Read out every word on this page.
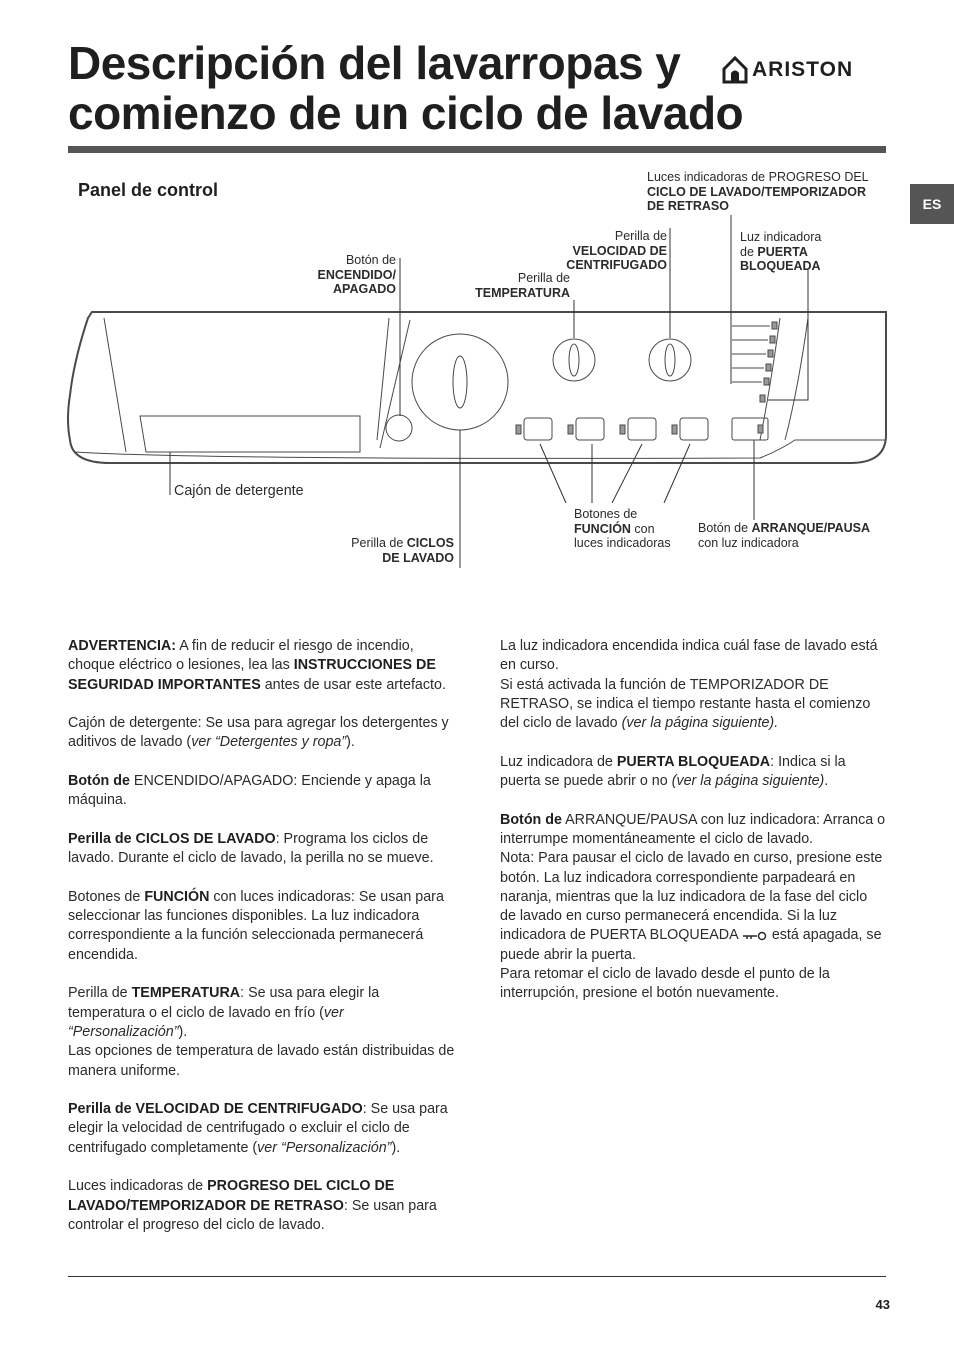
Descripción del lavarropas y
comienzo de un ciclo de lavado
ARISTON
ES
Panel de control
Luces indicadoras de PROGRESO DEL
CICLO DE LAVADO/TEMPORIZADOR
DE RETRASO
Luz indicadora
de PUERTA
BLOQUEADA
Perilla de
VELOCIDAD DE
CENTRIFUGADO
Perilla de
TEMPERATURA
Botón de
ENCENDIDO/
APAGADO
Cajón de detergente
Perilla de CICLOS
DE LAVADO
Botones de
FUNCIÓN con
luces indicadoras
Botón de ARRANQUE/PAUSA
con luz indicadora

ADVERTENCIA: A fin de reducir el riesgo de incendio, choque eléctrico o lesiones, lea las INSTRUCCIONES DE SEGURIDAD IMPORTANTES antes de usar este artefacto.

Cajón de detergente: Se usa para agregar los detergentes y aditivos de lavado (ver “Detergentes y ropa”).

Botón de ENCENDIDO/APAGADO: Enciende y apaga la máquina.

Perilla de CICLOS DE LAVADO: Programa los ciclos de lavado. Durante el ciclo de lavado, la perilla no se mueve.

Botones de FUNCIÓN con luces indicadoras: Se usan para seleccionar las funciones disponibles. La luz indicadora correspondiente a la función seleccionada permanecerá encendida.

Perilla de TEMPERATURA: Se usa para elegir la temperatura o el ciclo de lavado en frío (ver “Personalización”).
Las opciones de temperatura de lavado están distribuidas de manera uniforme.

Perilla de VELOCIDAD DE CENTRIFUGADO: Se usa para elegir la velocidad de centrifugado o excluir el ciclo de centrifugado completamente (ver “Personalización”).

Luces indicadoras de PROGRESO DEL CICLO DE LAVADO/TEMPORIZADOR DE RETRASO: Se usan para controlar el progreso del ciclo de lavado.

La luz indicadora encendida indica cuál fase de lavado está en curso.
Si está activada la función de TEMPORIZADOR DE RETRASO, se indica el tiempo restante hasta el comienzo del ciclo de lavado (ver la página siguiente).

Luz indicadora de PUERTA BLOQUEADA: Indica si la puerta se puede abrir o no (ver la página siguiente).

Botón de ARRANQUE/PAUSA con luz indicadora: Arranca o interrumpe momentáneamente el ciclo de lavado.
Nota: Para pausar el ciclo de lavado en curso, presione este botón. La luz indicadora correspondiente parpadeará en naranja, mientras que la luz indicadora de la fase del ciclo de lavado en curso permanecerá encendida. Si la luz indicadora de PUERTA BLOQUEADA  está apagada, se puede abrir la puerta.
Para retomar el ciclo de lavado desde el punto de la interrupción, presione el botón nuevamente.

43
